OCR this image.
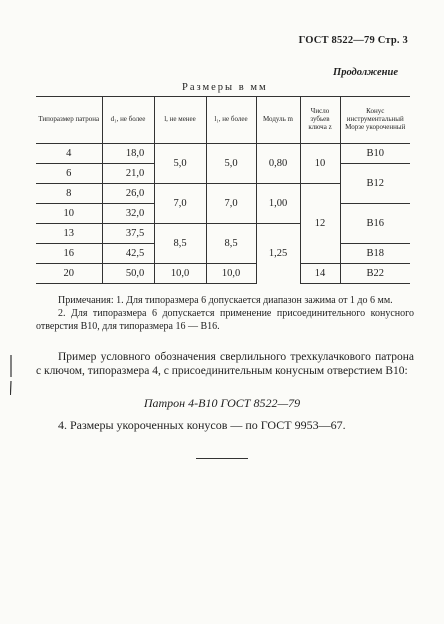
ГОСТ 8522—79 Стр. 3
Продолжение
Размеры в мм
Типоразмер патрона	d₁, не более	l, не менее	l₁, не более	Модуль m	Число зубьев ключа z	Конус инструментальный Морзе укороченный
4	18,0	5,0	5,0	0,80	10	B10
6	21,0					B12
8	26,0	7,0	7,0	1,00	12	
10	32,0					B16
13	37,5	8,5	8,5	1,25		
16	42,5					B18
20	50,0	10,0	10,0		14	B22

Примечания: 1. Для типоразмера 6 допускается диапазон зажима от 1 до 6 мм.

2. Для типоразмера 6 допускается применение присоединительного конусного отверстия B10, для типоразмера 16 — B16.

Пример условного обозначения сверлильного трехкулачкового патрона с ключом, типоразмера 4, с присоединительным конусным отверстием B10:
Патрон 4-B10 ГОСТ 8522—79
4. Размеры укороченных конусов — по ГОСТ 9953—67.
